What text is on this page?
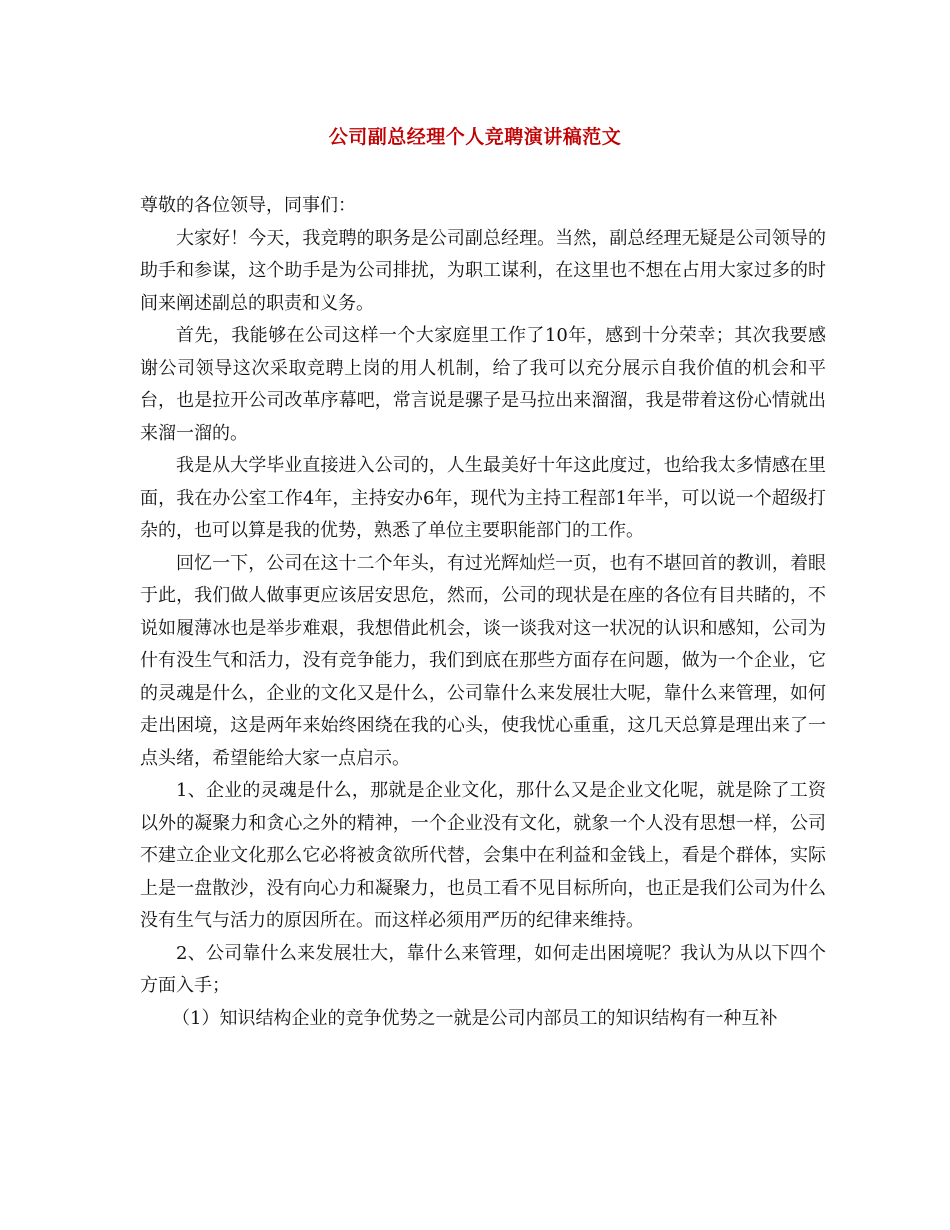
公司副总经理个人竞聘演讲稿范文

尊敬的各位领导，同事们：

大家好！今天，我竞聘的职务是公司副总经理。当然，副总经理无疑是公司领导的助手和参谋，这个助手是为公司排扰，为职工谋利，在这里也不想在占用大家过多的时间来阐述副总的职责和义务。

首先，我能够在公司这样一个大家庭里工作了10年，感到十分荣幸；其次我要感谢公司领导这次采取竞聘上岗的用人机制，给了我可以充分展示自我价值的机会和平台，也是拉开公司改革序幕吧，常言说是骡子是马拉出来溜溜，我是带着这份心情就出来溜一溜的。

我是从大学毕业直接进入公司的，人生最美好十年这此度过，也给我太多情感在里面，我在办公室工作4年，主持安办6年，现代为主持工程部1年半，可以说一个超级打杂的，也可以算是我的优势，熟悉了单位主要职能部门的工作。

回忆一下，公司在这十二个年头，有过光辉灿烂一页，也有不堪回首的教训，着眼于此，我们做人做事更应该居安思危，然而，公司的现状是在座的各位有目共睹的，不说如履薄冰也是举步难艰，我想借此机会，谈一谈我对这一状况的认识和感知，公司为什有没生气和活力，没有竞争能力，我们到底在那些方面存在问题，做为一个企业，它的灵魂是什么，企业的文化又是什么，公司靠什么来发展壮大呢，靠什么来管理，如何走出困境，这是两年来始终困绕在我的心头，使我忧心重重，这几天总算是理出来了一点头绪，希望能给大家一点启示。

1、企业的灵魂是什么，那就是企业文化，那什么又是企业文化呢，就是除了工资以外的凝聚力和贪心之外的精神，一个企业没有文化，就象一个人没有思想一样，公司不建立企业文化那么它必将被贪欲所代替，会集中在利益和金钱上，看是个群体，实际上是一盘散沙，没有向心力和凝聚力，也员工看不见目标所向，也正是我们公司为什么没有生气与活力的原因所在。而这样必须用严历的纪律来维持。

2、公司靠什么来发展壮大，靠什么来管理，如何走出困境呢？我认为从以下四个方面入手；

（1）知识结构企业的竞争优势之一就是公司内部员工的知识结构有一种互补
